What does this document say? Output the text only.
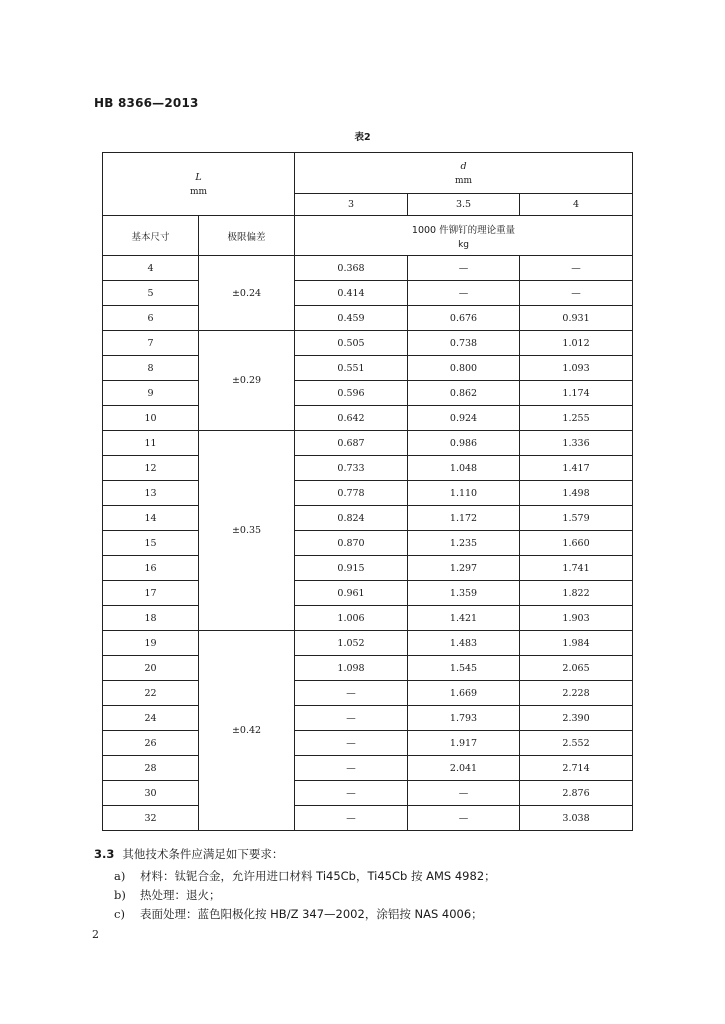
HB 8366—2013
表2
L
mm		d
mm		

		3	3.5	4
基本尺寸	极限偏差	1000 件铆钉的理论重量
kg		

4	±0.24	0.368	—	—
5		0.414	—	—
6		0.459	0.676	0.931
7	±0.29	0.505	0.738	1.012
8		0.551	0.800	1.093
9		0.596	0.862	1.174
10		0.642	0.924	1.255
11	±0.35	0.687	0.986	1.336
12		0.733	1.048	1.417
13		0.778	1.110	1.498
14		0.824	1.172	1.579
15		0.870	1.235	1.660
16		0.915	1.297	1.741
17		0.961	1.359	1.822
18		1.006	1.421	1.903
19	±0.42	1.052	1.483	1.984
20		1.098	1.545	2.065
22		—	1.669	2.228
24		—	1.793	2.390
26		—	1.917	2.552
28		—	2.041	2.714
30		—	—	2.876
32		—	—	3.038
3.3 其他技术条件应满足如下要求：
a) 材料：钛铌合金，允许用进口材料 Ti45Cb，Ti45Cb 按 AMS 4982；
b) 热处理：退火；
c) 表面处理：蓝色阳极化按 HB/Z 347—2002，涂铝按 NAS 4006；
2
